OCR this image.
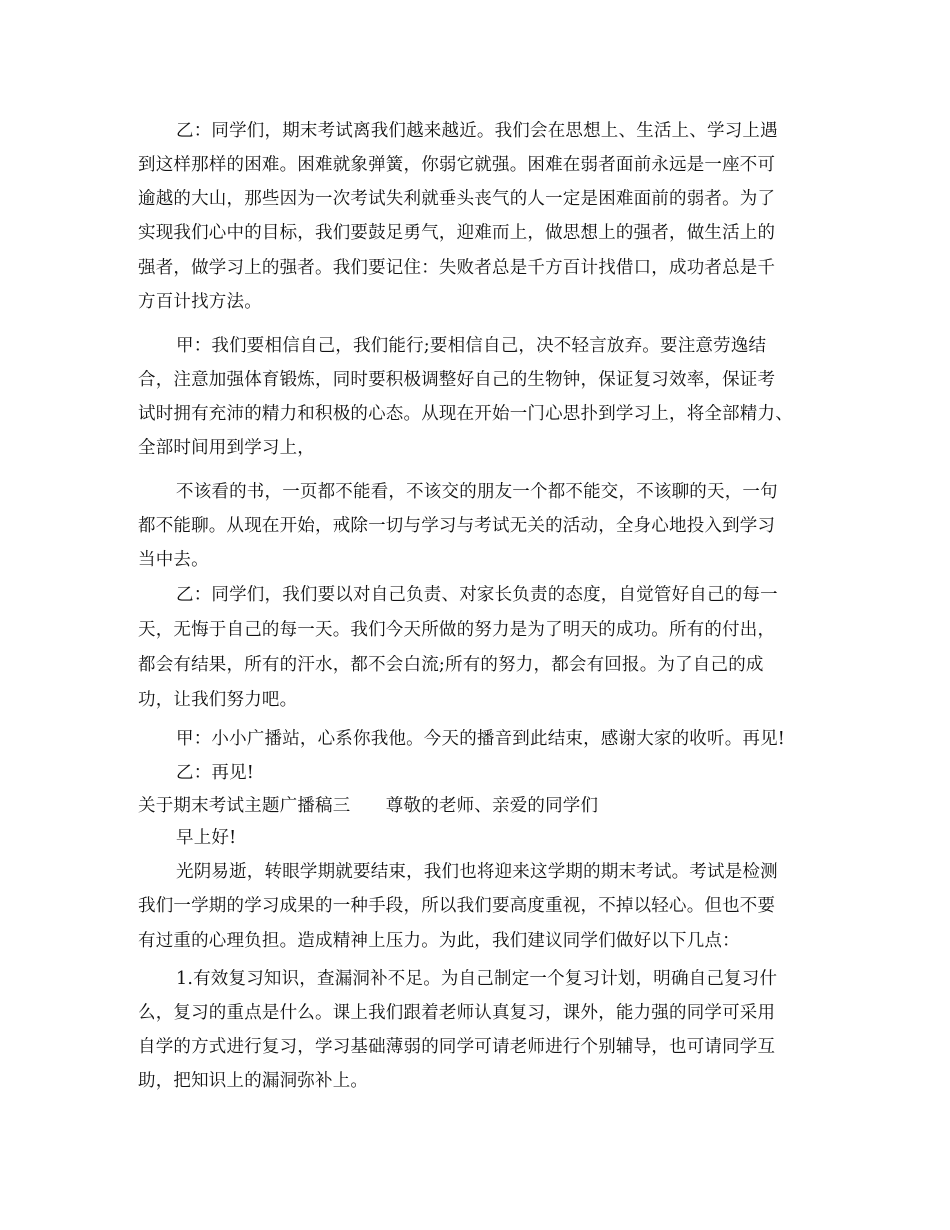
乙：同学们，期末考试离我们越来越近。我们会在思想上、生活上、学习上遇
到这样那样的困难。困难就象弹簧，你弱它就强。困难在弱者面前永远是一座不可
逾越的大山，那些因为一次考试失利就垂头丧气的人一定是困难面前的弱者。为了
实现我们心中的目标，我们要鼓足勇气，迎难而上，做思想上的强者，做生活上的
强者，做学习上的强者。我们要记住：失败者总是千方百计找借口，成功者总是千
方百计找方法。
甲：我们要相信自己，我们能行;要相信自己，决不轻言放弃。要注意劳逸结
合，注意加强体育锻炼，同时要积极调整好自己的生物钟，保证复习效率，保证考
试时拥有充沛的精力和积极的心态。从现在开始一门心思扑到学习上，将全部精力、
全部时间用到学习上，
不该看的书，一页都不能看，不该交的朋友一个都不能交，不该聊的天，一句
都不能聊。从现在开始，戒除一切与学习与考试无关的活动，全身心地投入到学习
当中去。
乙：同学们，我们要以对自己负责、对家长负责的态度，自觉管好自己的每一
天，无悔于自己的每一天。我们今天所做的努力是为了明天的成功。所有的付出，
都会有结果，所有的汗水，都不会白流;所有的努力，都会有回报。为了自己的成
功，让我们努力吧。
甲：小小广播站，心系你我他。今天的播音到此结束，感谢大家的收听。再见!
乙：再见!
关于期末考试主题广播稿三　　尊敬的老师、亲爱的同学们
早上好!
光阴易逝，转眼学期就要结束，我们也将迎来这学期的期末考试。考试是检测
我们一学期的学习成果的一种手段，所以我们要高度重视，不掉以轻心。但也不要
有过重的心理负担。造成精神上压力。为此，我们建议同学们做好以下几点：
1.有效复习知识，查漏洞补不足。为自己制定一个复习计划，明确自己复习什
么，复习的重点是什么。课上我们跟着老师认真复习，课外，能力强的同学可采用
自学的方式进行复习，学习基础薄弱的同学可请老师进行个别辅导，也可请同学互
助，把知识上的漏洞弥补上。
